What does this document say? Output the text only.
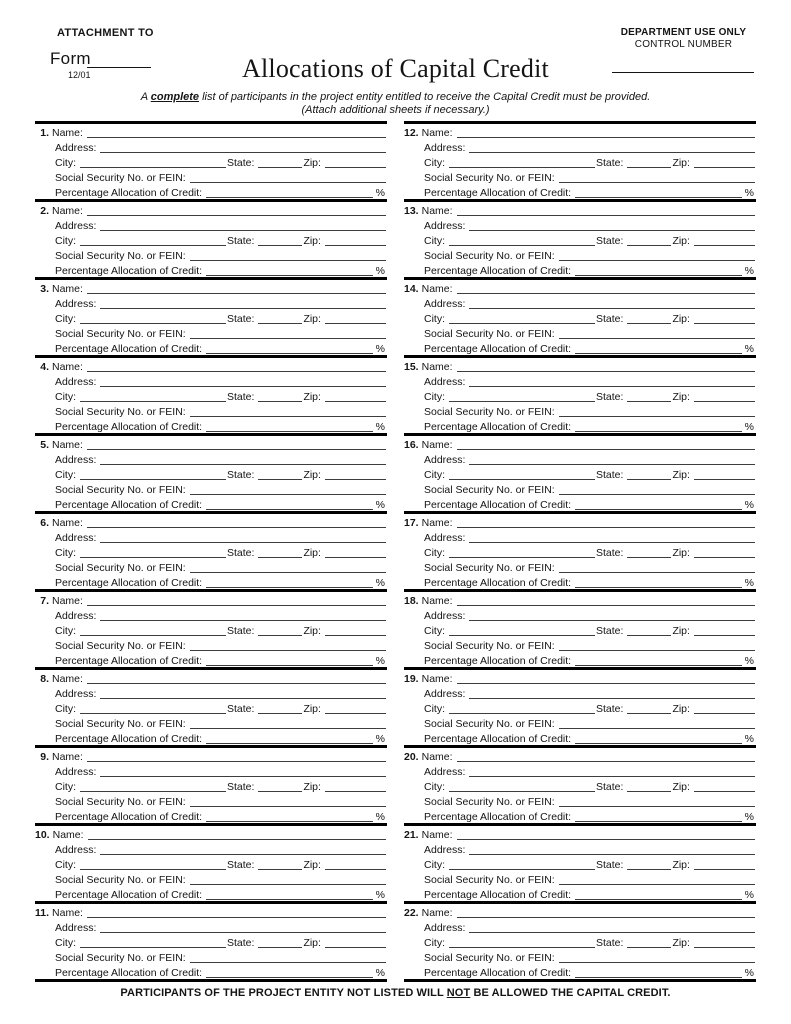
ATTACHMENT TO
Form
12/01
DEPARTMENT USE ONLY
CONTROL NUMBER
Allocations of Capital Credit
A complete list of participants in the project entity entitled to receive the Capital Credit must be provided.
(Attach additional sheets if necessary.)
1. Name:
Address:
City:	State:	Zip:
Social Security No. or FEIN:
Percentage Allocation of Credit:	%
2. Name:
Address:
City:	State:	Zip:
Social Security No. or FEIN:
Percentage Allocation of Credit:	%
3. Name:
Address:
City:	State:	Zip:
Social Security No. or FEIN:
Percentage Allocation of Credit:	%
4. Name:
Address:
City:	State:	Zip:
Social Security No. or FEIN:
Percentage Allocation of Credit:	%
5. Name:
Address:
City:	State:	Zip:
Social Security No. or FEIN:
Percentage Allocation of Credit:	%
6. Name:
Address:
City:	State:	Zip:
Social Security No. or FEIN:
Percentage Allocation of Credit:	%
7. Name:
Address:
City:	State:	Zip:
Social Security No. or FEIN:
Percentage Allocation of Credit:	%
8. Name:
Address:
City:	State:	Zip:
Social Security No. or FEIN:
Percentage Allocation of Credit:	%
9. Name:
Address:
City:	State:	Zip:
Social Security No. or FEIN:
Percentage Allocation of Credit:	%
10. Name:
Address:
City:	State:	Zip:
Social Security No. or FEIN:
Percentage Allocation of Credit:	%
11. Name:
Address:
City:	State:	Zip:
Social Security No. or FEIN:
Percentage Allocation of Credit:	%
12. Name:
Address:
City:	State:	Zip:
Social Security No. or FEIN:
Percentage Allocation of Credit:	%
13. Name:
Address:
City:	State:	Zip:
Social Security No. or FEIN:
Percentage Allocation of Credit:	%
14. Name:
Address:
City:	State:	Zip:
Social Security No. or FEIN:
Percentage Allocation of Credit:	%
15. Name:
Address:
City:	State:	Zip:
Social Security No. or FEIN:
Percentage Allocation of Credit:	%
16. Name:
Address:
City:	State:	Zip:
Social Security No. or FEIN:
Percentage Allocation of Credit:	%
17. Name:
Address:
City:	State:	Zip:
Social Security No. or FEIN:
Percentage Allocation of Credit:	%
18. Name:
Address:
City:	State:	Zip:
Social Security No. or FEIN:
Percentage Allocation of Credit:	%
19. Name:
Address:
City:	State:	Zip:
Social Security No. or FEIN:
Percentage Allocation of Credit:	%
20. Name:
Address:
City:	State:	Zip:
Social Security No. or FEIN:
Percentage Allocation of Credit:	%
21. Name:
Address:
City:	State:	Zip:
Social Security No. or FEIN:
Percentage Allocation of Credit:	%
22. Name:
Address:
City:	State:	Zip:
Social Security No. or FEIN:
Percentage Allocation of Credit:	%
PARTICIPANTS OF THE PROJECT ENTITY NOT LISTED WILL NOT BE ALLOWED THE CAPITAL CREDIT.
